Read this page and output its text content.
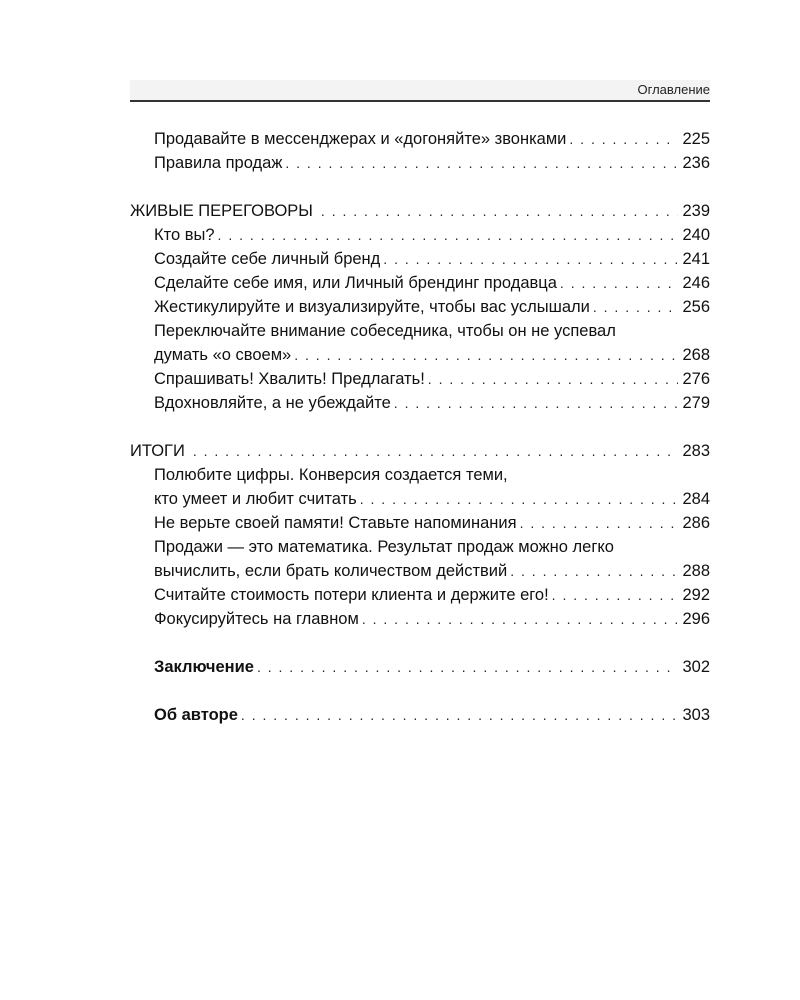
Оглавление
Продавайте в мессенджерах и «догоняйте» звонками . . .	225
Правила продаж . . .	236
ЖИВЫЕ ПЕРЕГОВОРЫ . . .	239
Кто вы? . . .	240
Создайте себе личный бренд . . .	241
Сделайте себе имя, или Личный брендинг продавца . . .	246
Жестикулируйте и визуализируйте, чтобы вас услышали . . .	256
Переключайте внимание собеседника, чтобы он не успевал
думать «о своем» . . .	268
Спрашивать! Хвалить! Предлагать! . . .	276
Вдохновляйте, а не убеждайте . . .	279
ИТОГИ . . .	283
Полюбите цифры. Конверсия создается теми,
кто умеет и любит считать . . .	284
Не верьте своей памяти! Ставьте напоминания . . .	286
Продажи — это математика. Результат продаж можно легко
вычислить, если брать количеством действий . . .	288
Считайте стоимость потери клиента и держите его! . . .	292
Фокусируйтесь на главном . . .	296
Заключение . . .	302
Об авторе . . .	303
